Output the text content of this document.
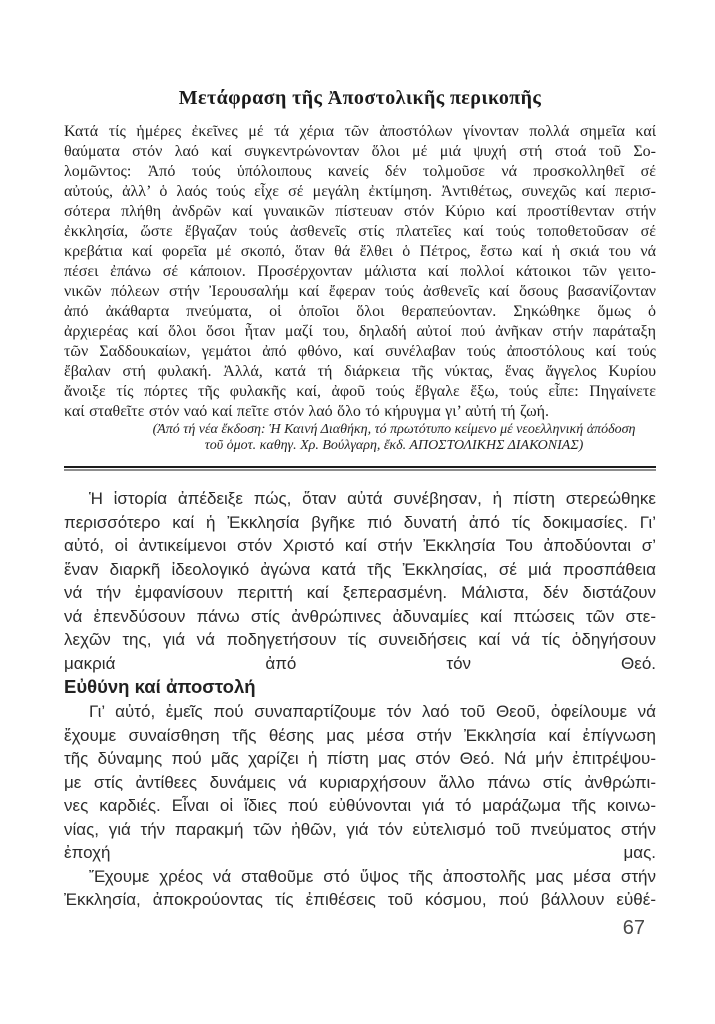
Μετάφραση τῆς Ἀποστολικῆς περικοπῆς
Κατά τίς ἡμέρες ἐκεῖνες μέ τά χέρια τῶν ἀποστόλων γίνονταν πολλά σημεῖα καί
θαύματα στόν λαό καί συγκεντρώνονταν ὅλοι μέ μιά ψυχή στή στοά τοῦ Σο-
λομῶντος: Ἀπό τούς ὑπόλοιπους κανείς δέν τολμοῦσε νά προσκολληθεῖ σέ
αὐτούς, ἀλλ’ ὁ λαός τούς εἶχε σέ μεγάλη ἐκτίμηση. Ἀντιθέτως, συνεχῶς καί περισ-
σότερα πλήθη ἀνδρῶν καί γυναικῶν πίστευαν στόν Κύριο καί προστίθενταν στήν
ἐκκλησία, ὥστε ἔβγαζαν τούς ἀσθενεῖς στίς πλατεῖες καί τούς τοποθετοῦσαν σέ
κρεβάτια καί φορεῖα μέ σκοπό, ὅταν θά ἔλθει ὁ Πέτρος, ἔστω καί ἡ σκιά του νά
πέσει ἐπάνω σέ κάποιον. Προσέρχονταν μάλιστα καί πολλοί κάτοικοι τῶν γειτο-
νικῶν πόλεων στήν Ἰερουσαλήμ καί ἔφεραν τούς ἀσθενεῖς καί ὅσους βασανίζονταν
ἀπό ἀκάθαρτα πνεύματα, οἱ ὁποῖοι ὅλοι θεραπεύονταν. Σηκώθηκε ὅμως ὁ
ἀρχιερέας καί ὅλοι ὅσοι ἦταν μαζί του, δηλαδή αὐτοί πού ἀνῆκαν στήν παράταξη
τῶν Σαδδουκαίων, γεμάτοι ἀπό φθόνο, καί συνέλαβαν τούς ἀποστόλους καί τούς
ἔβαλαν στή φυλακή. Ἀλλά, κατά τή διάρκεια τῆς νύκτας, ἕνας ἄγγελος Κυρίου
ἄνοιξε τίς πόρτες τῆς φυλακῆς καί, ἀφοῦ τούς ἔβγαλε ἔξω, τούς εἶπε: Πηγαίνετε
καί σταθεῖτε στόν ναό καί πεῖτε στόν λαό ὅλο τό κήρυγμα γι’ αὐτή τή ζωή.
(Ἀπό τή νέα ἔκδοση: Ἡ Καινή Διαθήκη, τό πρωτότυπο κείμενο μέ νεοελληνική ἀπόδοση
τοῦ ὁμοτ. καθηγ. Χρ. Βούλγαρη, ἔκδ. ΑΠΟΣΤΟΛΙΚΗΣ ΔΙΑΚΟΝΙΑΣ)
Ἡ ἱστορία ἀπέδειξε πώς, ὅταν αὐτά συνέβησαν, ἡ πίστη στερεώθηκε
περισσότερο καί ἡ Ἐκκλησία βγῆκε πιό δυνατή ἀπό τίς δοκιμασίες. Γι’
αὐτό, οἱ ἀντικείμενοι στόν Χριστό καί στήν Ἐκκλησία Του ἀποδύονται σ’
ἕναν διαρκῆ ἰδεολογικό ἀγώνα κατά τῆς Ἐκκλησίας, σέ μιά προσπάθεια
νά τήν ἐμφανίσουν περιττή καί ξεπερασμένη. Μάλιστα, δέν διστάζουν
νά ἐπενδύσουν πάνω στίς ἀνθρώπινες ἀδυναμίες καί πτώσεις τῶν στε-
λεχῶν της, γιά νά ποδηγετήσουν τίς συνειδήσεις καί νά τίς ὁδηγήσουν
μακριά ἀπό τόν Θεό.
Εὐθύνη καί ἀποστολή
Γι’ αὐτό, ἐμεῖς πού συναπαρτίζουμε τόν λαό τοῦ Θεοῦ, ὀφείλουμε νά
ἔχουμε συναίσθηση τῆς θέσης μας μέσα στήν Ἐκκλησία καί ἐπίγνωση
τῆς δύναμης πού μᾶς χαρίζει ἡ πίστη μας στόν Θεό. Νά μήν ἐπιτρέψου-
με στίς ἀντίθεες δυνάμεις νά κυριαρχήσουν ἄλλο πάνω στίς ἀνθρώπι-
νες καρδιές. Εἶναι οἱ ἴδιες πού εὐθύνονται γιά τό μαράζωμα τῆς κοινω-
νίας, γιά τήν παρακμή τῶν ἠθῶν, γιά τόν εὐτελισμό τοῦ πνεύματος στήν
ἐποχή μας.
Ἔχουμε χρέος νά σταθοῦμε στό ὕψος τῆς ἀποστολῆς μας μέσα στήν
Ἐκκλησία, ἀποκρούοντας τίς ἐπιθέσεις τοῦ κόσμου, πού βάλλουν εὐθέ-
67
